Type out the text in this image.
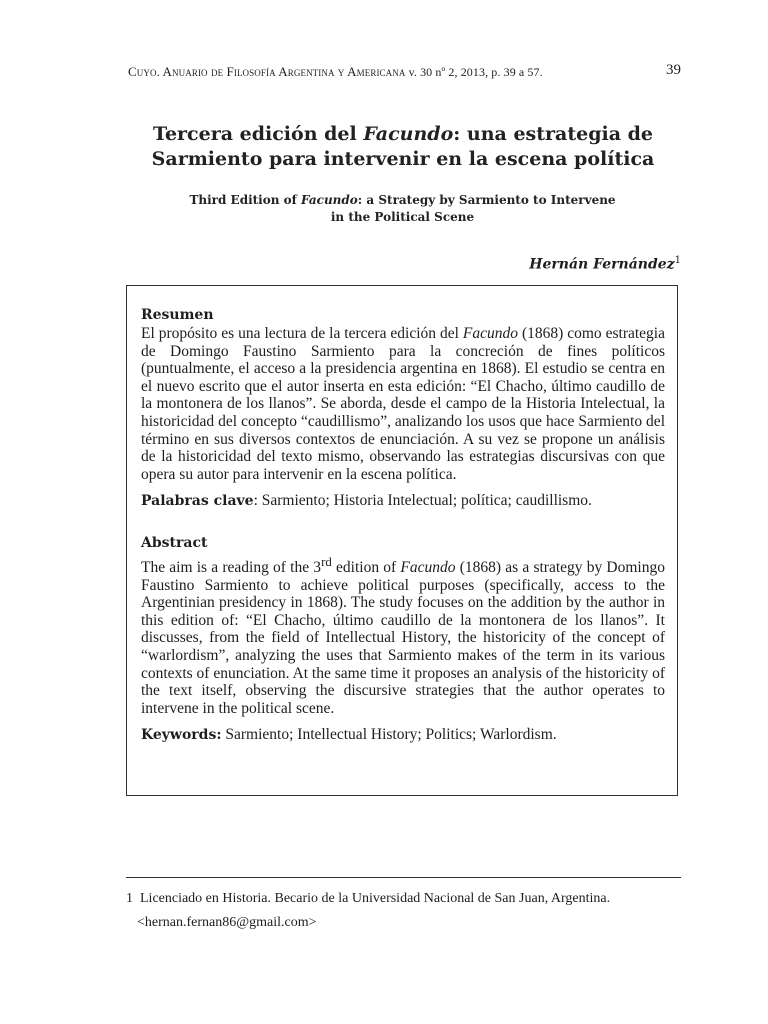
Cuyo. Anuario de Filosofía Argentina y Americana v. 30 nº 2, 2013, p. 39 a 57.	39
Tercera edición del Facundo: una estrategia de
Sarmiento para intervenir en la escena política
Third Edition of Facundo: a Strategy by Sarmiento to Intervene
in the Political Scene
Hernán Fernández$^1$
Resumen

El propósito es una lectura de la tercera edición del Facundo (1868) como estrategia de Domingo Faustino Sarmiento para la concreción de fines políticos (puntualmente, el acceso a la presidencia argentina en 1868). El estudio se centra en el nuevo escrito que el autor inserta en esta edición: “El Chacho, último caudillo de la montonera de los llanos”. Se aborda, desde el campo de la Historia Intelectual, la historicidad del concepto “caudillismo”, analizando los usos que hace Sarmiento del término en sus diversos contextos de enunciación. A su vez se propone un análisis de la historicidad del texto mismo, observando las estrategias discursivas con que opera su autor para intervenir en la escena política.

Palabras clave: Sarmiento; Historia Intelectual; política; caudillismo.

Abstract

The aim is a reading of the 3rd edition of Facundo (1868) as a strategy by Domingo Faustino Sarmiento to achieve political purposes (specifically, access to the Argentinian presidency in 1868). The study focuses on the addition by the author in this edition of: “El Chacho, último caudillo de la montonera de los llanos”. It discusses, from the field of Intellectual History, the historicity of the concept of “warlordism”, analyzing the uses that Sarmiento makes of the term in its various contexts of enunciation. At the same time it proposes an analysis of the historicity of the text itself, observing the discursive strategies that the author operates to intervene in the political scene.

Keywords: Sarmiento; Intellectual History; Politics; Warlordism.

1 Licenciado en Historia. Becario de la Universidad Nacional de San Juan, Argentina.
<hernan.fernan86@gmail.com>
